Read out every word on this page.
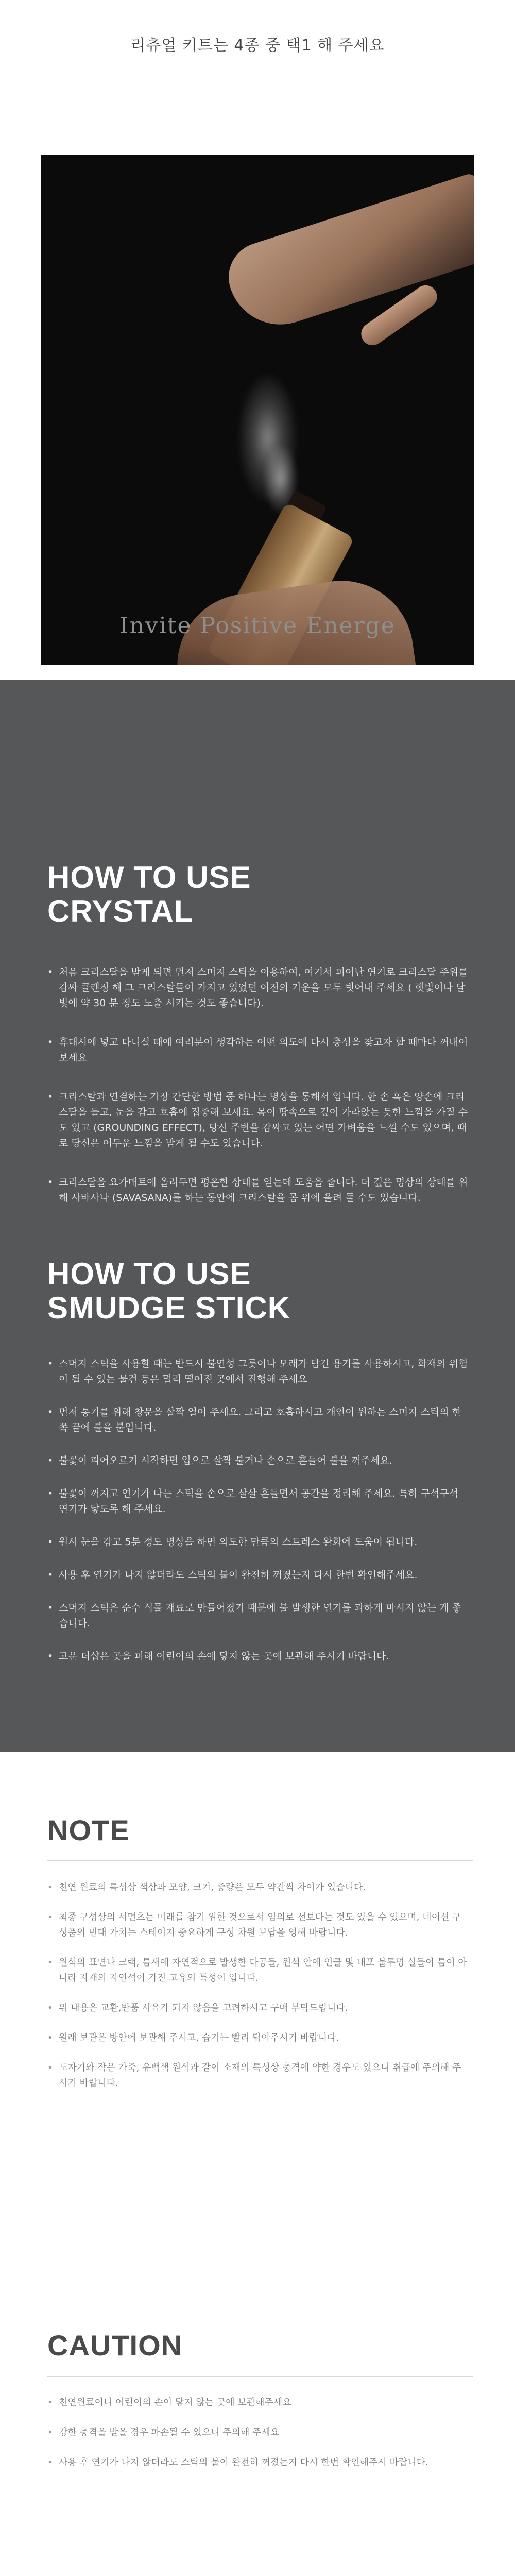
리츄얼 키트는 4종 중 택1 해 주세요
Invite Positive Energe
HOW TO USE
CRYSTAL
• 처음 크리스탈을 받게 되면 먼저 스머지 스틱을 이용하여, 여기서 피어난 연기로 크리스탈 주위를 감싸 클렌징 해 그 크리스탈들이 가지고 있었던 이전의 기운을 모두 빗어내 주세요 ( 햇빛이나 달빛에 약 30 분 정도 노출 시키는 것도 좋습니다).
• 휴대시에 넣고 다니실 때에 여러분이 생각하는 어떤 의도에 다시 충성을 찾고자 할 때마다 꺼내어 보세요
• 크리스탈과 연결하는 가장 간단한 방법 중 하나는 명상을 통해서 입니다. 한 손 혹은 양손에 크리스탈을 들고, 눈을 감고 호흡에 집중해 보세요. 몸이 땅속으로 깊이 가라앉는 듯한 느낌을 가질 수도 있고 (GROUNDING EFFECT), 당신 주변을 감싸고 있는 어떤 가벼움을 느낄 수도 있으며, 때로 당신은 어두운 느낌을 받게 될 수도 있습니다.
• 크리스탈을 요가매트에 올려두면 평온한 상태를 얻는데 도움을 줍니다. 더 깊은 명상의 상태를 위해 사바사나 (SAVASANA)를 하는 동안에 크리스탈을 몸 위에 올려 둘 수도 있습니다.
HOW TO USE
SMUDGE STICK
• 스머지 스틱을 사용할 때는 반드시 불연성 그릇이나 모래가 담긴 용기를 사용하시고, 화재의 위험이 될 수 있는 물건 등은 멀리 떨어진 곳에서 진행해 주세요
• 먼저 통기를 위해 창문을 살짝 열어 주세요. 그리고 호흡하시고 개인이 원하는 스머지 스틱의 한쪽 끝에 불을 붙입니다.
• 불꽃이 피어오르기 시작하면 입으로 살짝 불거나 손으로 흔들어 불을 꺼주세요.
• 불꽃이 꺼지고 연기가 나는 스틱을 손으로 살살 흔들면서 공간을 정리해 주세요. 특히 구석구석 연기가 닿도록 해 주세요.
• 원시 눈을 감고 5분 정도 명상을 하면 의도한 만큼의 스트레스 완화에 도움이 됩니다.
• 사용 후 연기가 나지 않더라도 스틱의 불이 완전히 꺼졌는지 다시 한번 확인해주세요.
• 스머지 스틱은 순수 식물 재료로 만들어졌기 때문에 불 발생한 연기를 과하게 마시지 않는 게 좋습니다.
• 고운 더샵은 곳을 피해 어린이의 손에 닿지 않는 곳에 보관해 주시기 바랍니다.
NOTE
• 천연 원료의 특성상 색상과 모양, 크기, 중량은 모두 약간씩 차이가 있습니다.
• 최종 구성상의 서먼츠는 미래를 참기 위한 것으로서 임의로 선보다는 것도 있을 수 있으며, 네이션 구성품의 민대 가치는 스테이지 중요하게 구성 차원 보답을 영해 바랍니다.
• 원석의 표면나 크랙, 틈새에 자연적으로 발생한 다공들, 원석 안에 인클 및 내포 불투명 실들이 틈이 아니라 자재의 자연석이 가진 고유의 특성이 입니다.
• 위 내용은 교환,반품 사유가 되지 않음을 고려하시고 구매 부탁드립니다.
• 원래 보관은 방안에 보관해 주시고, 습기는 빨리 닦아주시기 바랍니다.
• 도자기와 작은 가죽, 유백색 원석과 같이 소재의 특성상 충격에 약한 경우도 있으니 취급에 주의해 주시기 바랍니다.
CAUTION
• 천연원료이니 어린이의 손이 닿지 않는 곳에 보관해주세요
• 강한 충격을 받을 경우 파손될 수 있으니 주의해 주세요
• 사용 후 연기가 나지 않더라도 스틱의 불이 완전히 꺼졌는지 다시 한번 확인해주시 바랍니다.
